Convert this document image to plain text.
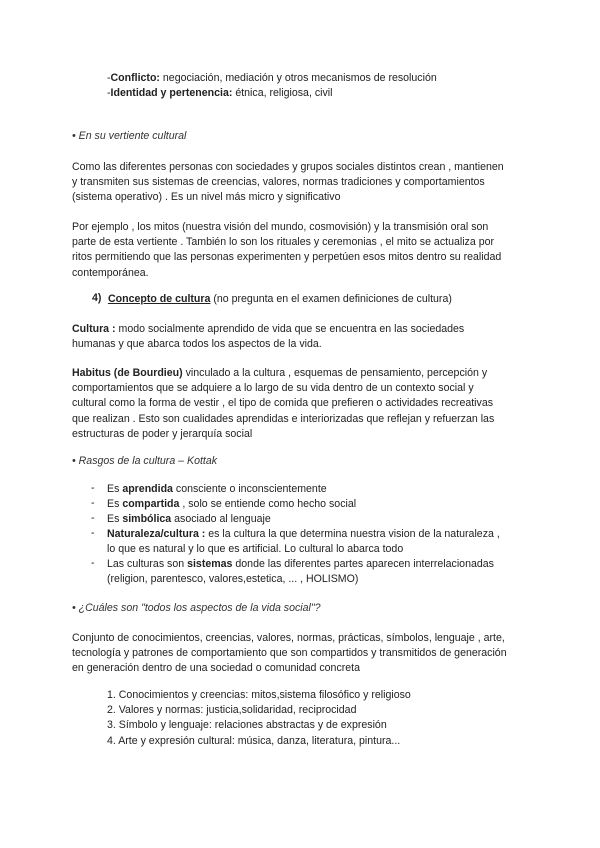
-Conflicto: negociación, mediación y otros mecanismos de resolución
-Identidad y pertenencia: étnica, religiosa, civil
• En su vertiente cultural
Como las diferentes personas con sociedades y grupos sociales distintos crean , mantienen
y transmiten sus sistemas de creencias, valores, normas tradiciones y comportamientos
(sistema operativo) . Es un nivel más micro y significativo
Por ejemplo , los mitos (nuestra visión del mundo, cosmovisión) y la transmisión oral son
parte de esta vertiente . También lo son los rituales y ceremonias , el mito se actualiza por
ritos permitiendo que las personas experimenten y perpetúen esos mitos dentro su realidad
contemporánea.
4) Concepto de cultura (no pregunta en el examen definiciones de cultura)
Cultura : modo socialmente aprendido de vida que se encuentra en las sociedades
humanas y que abarca todos los aspectos de la vida.
Habitus (de Bourdieu) vinculado a la cultura , esquemas de pensamiento, percepción y
comportamientos que se adquiere a lo largo de su vida dentro de un contexto social y
cultural como la forma de vestir , el tipo de comida que prefieren o actividades recreativas
que realizan . Esto son cualidades aprendidas e interiorizadas que reflejan y refuerzan las
estructuras de poder y jerarquía social
• Rasgos de la cultura – Kottak
- Es aprendida consciente o inconscientemente
- Es compartida , solo se entiende como hecho social
- Es simbólica asociado al lenguaje
- Naturaleza/cultura : es la cultura la que determina nuestra vision de la naturaleza ,
lo que es natural y lo que es artificial. Lo cultural lo abarca todo
- Las culturas son sistemas donde las diferentes partes aparecen interrelacionadas
(religion, parentesco, valores,estetica, ... , HOLISMO)
• ¿Cuáles son "todos los aspectos de la vida social"?
Conjunto de conocimientos, creencias, valores, normas, prácticas, símbolos, lenguaje , arte,
tecnología y patrones de comportamiento que son compartidos y transmitidos de generación
en generación dentro de una sociedad o comunidad concreta
1. Conocimientos y creencias: mitos,sistema filosófico y religioso
2. Valores y normas: justicia,solidaridad, reciprocidad
3. Símbolo y lenguaje: relaciones abstractas y de expresión
4. Arte y expresión cultural: música, danza, literatura, pintura...
